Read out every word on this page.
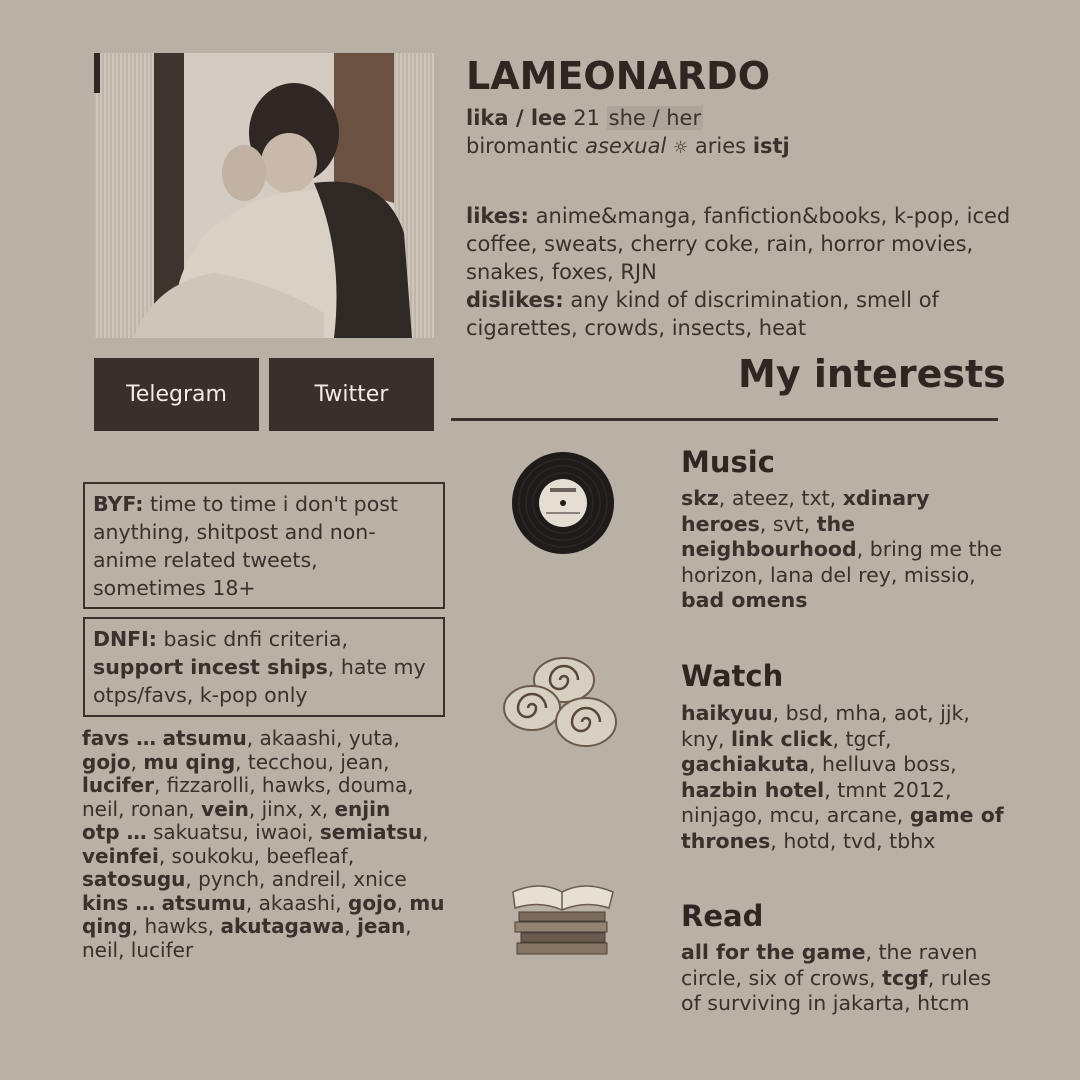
Telegram	Twitter
LAMEONARDO
lika / lee 21 she / her
biromantic asexual ☼ aries istj
likes: anime&manga, fanfiction&books, k-pop, iced coffee, sweats, cherry coke, rain, horror movies, snakes, foxes, RJN
dislikes: any kind of discrimination, smell of cigarettes, crowds, insects, heat
My interests
BYF: time to time i don't post anything, shitpost and non-anime related tweets, sometimes 18+
DNFI: basic dnfi criteria, support incest ships, hate my otps/favs, k-pop only
favs … atsumu, akaashi, yuta, gojo, mu qing, tecchou, jean, lucifer, fizzarolli, hawks, douma, neil, ronan, vein, jinx, x, enjin
otp … sakuatsu, iwaoi, semiatsu, veinfei, soukoku, beefleaf, satosugu, pynch, andreil, xnice
kins … atsumu, akaashi, gojo, mu qing, hawks, akutagawa, jean, neil, lucifer
Music
skz, ateez, txt, xdinary heroes, svt, the neighbourhood, bring me the horizon, lana del rey, missio, bad omens
Watch
haikyuu, bsd, mha, aot, jjk, kny, link click, tgcf, gachiakuta, helluva boss, hazbin hotel, tmnt 2012, ninjago, mcu, arcane, game of thrones, hotd, tvd, tbhx
Read
all for the game, the raven circle, six of crows, tcgf, rules of surviving in jakarta, htcm
